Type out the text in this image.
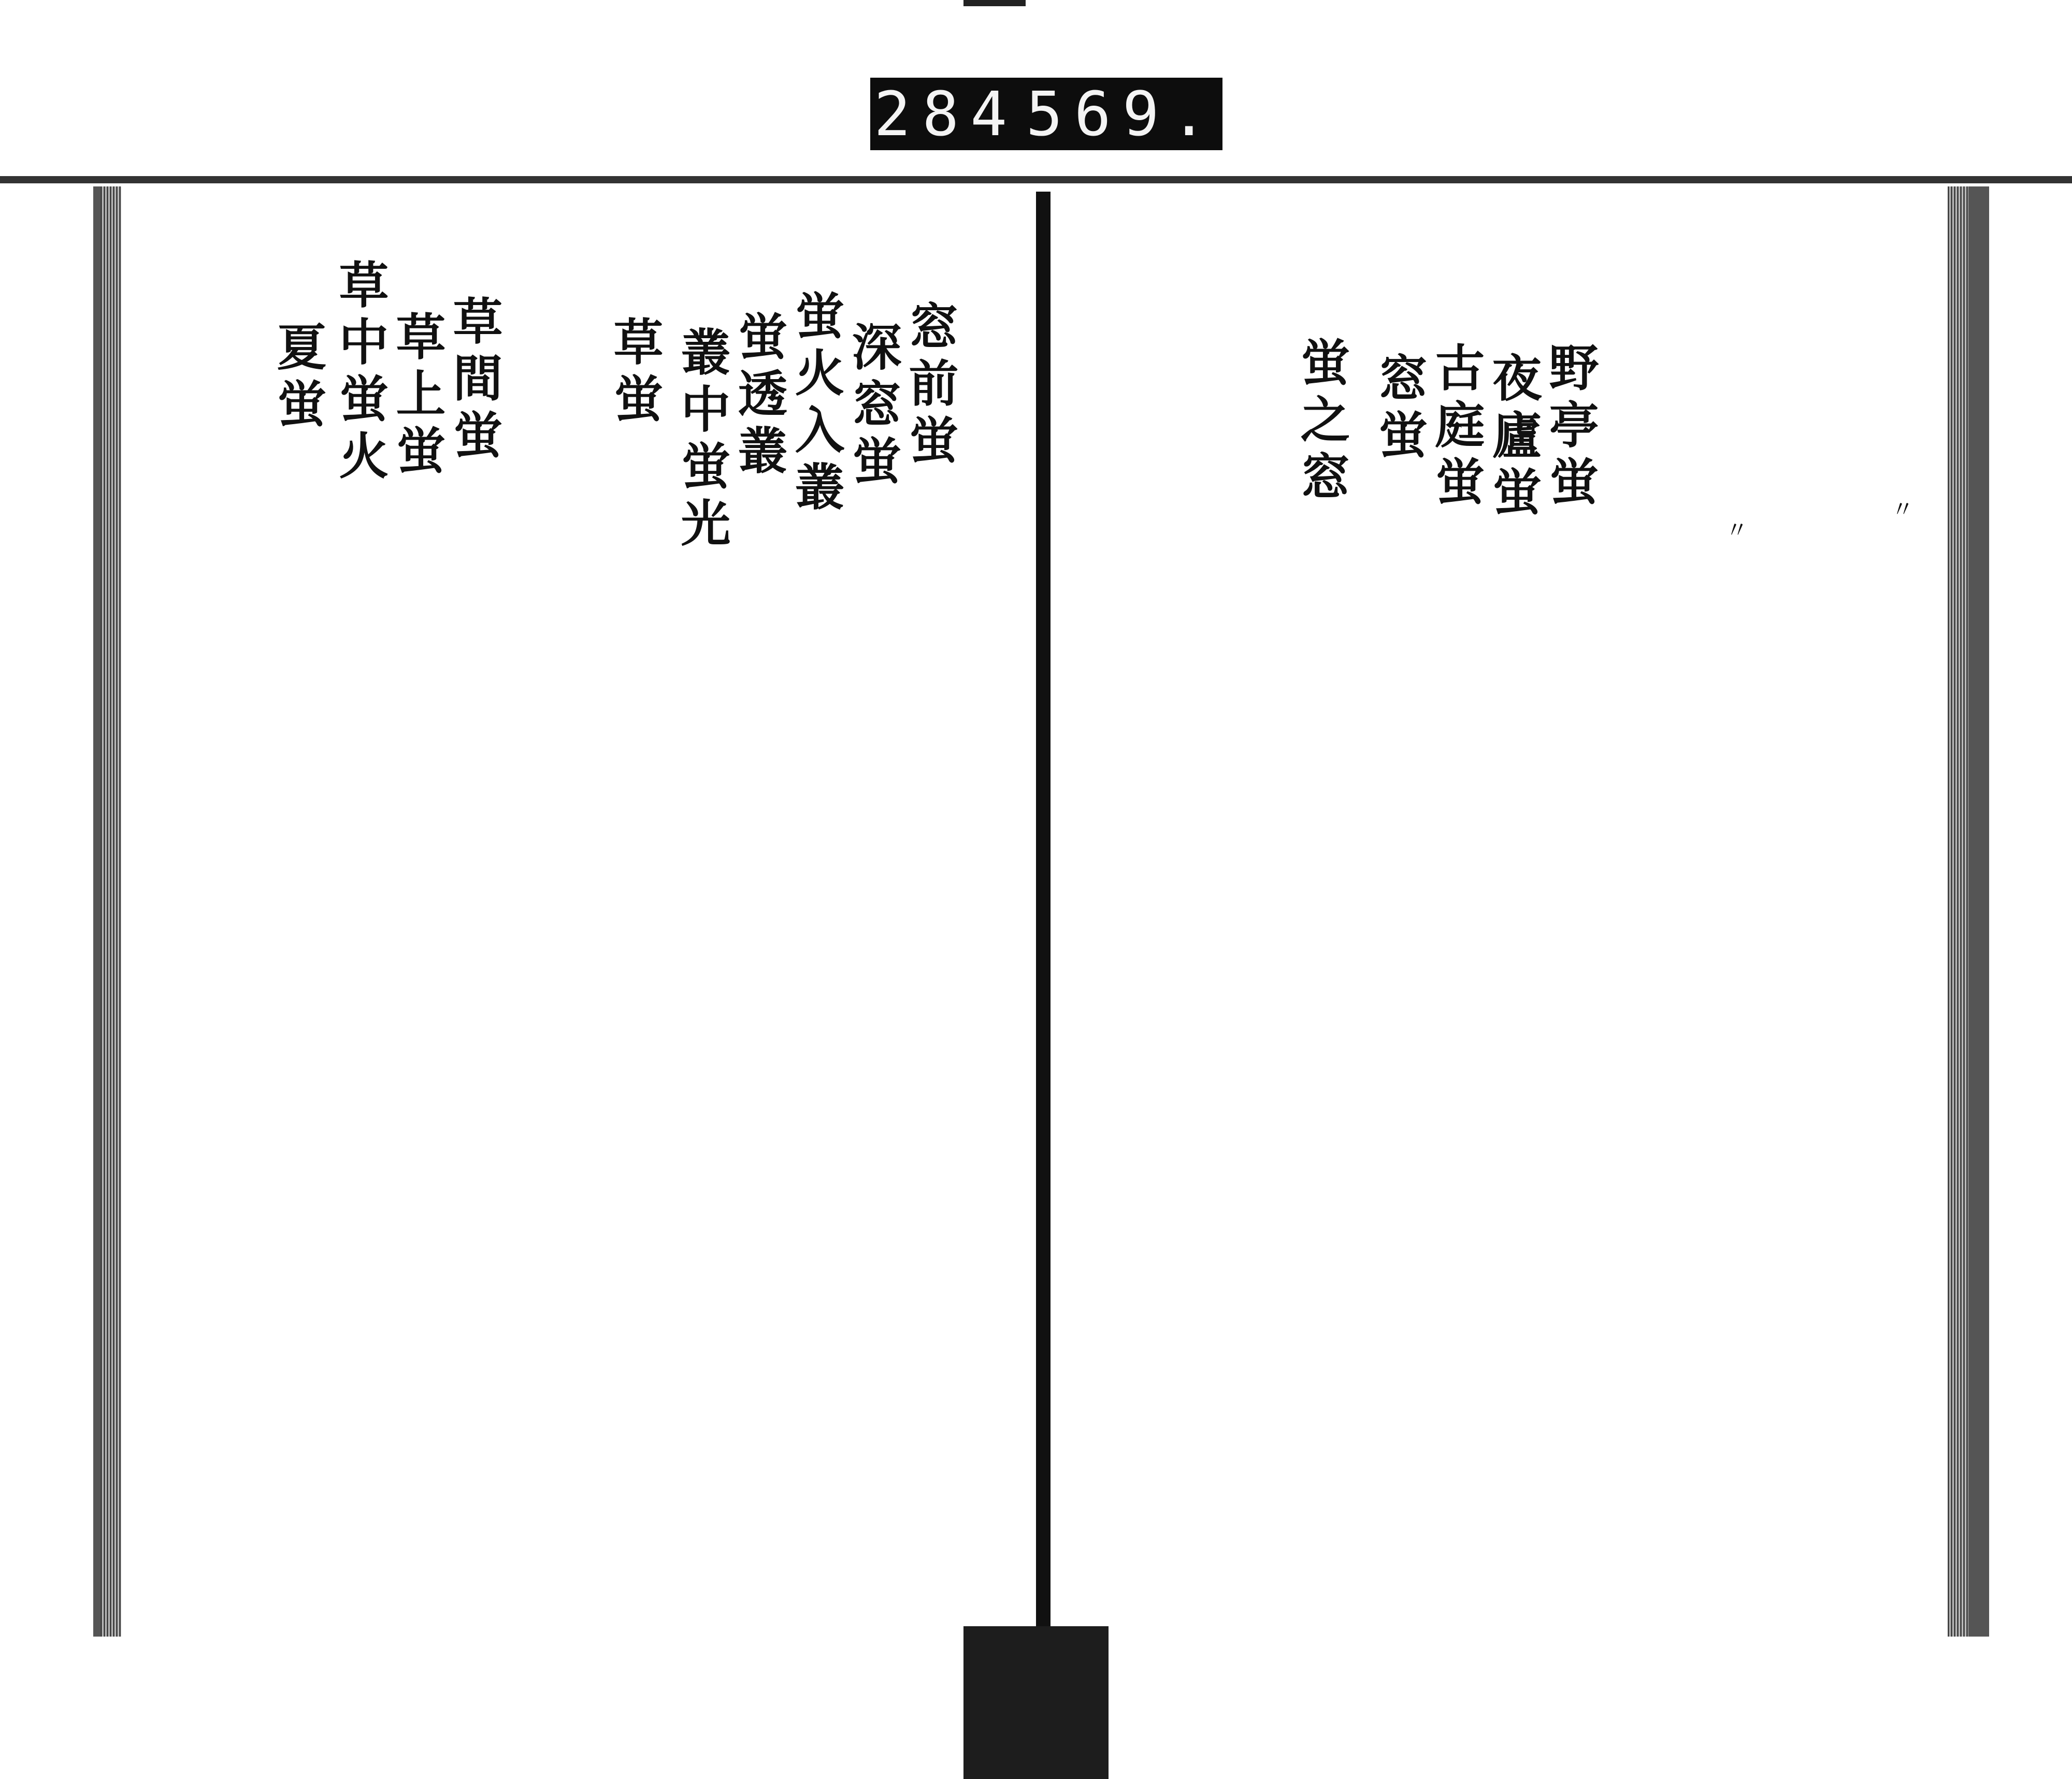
284 569.
窓前蛍
深窓蛍
蛍火入叢
蛍透叢
叢中蛍光
草蛍
草間蛍
草上蛍
草中蛍火
夏蛍
〃
〃
野亭蛍
夜廬蛍
古庭蛍
窓蛍
蛍之窓
